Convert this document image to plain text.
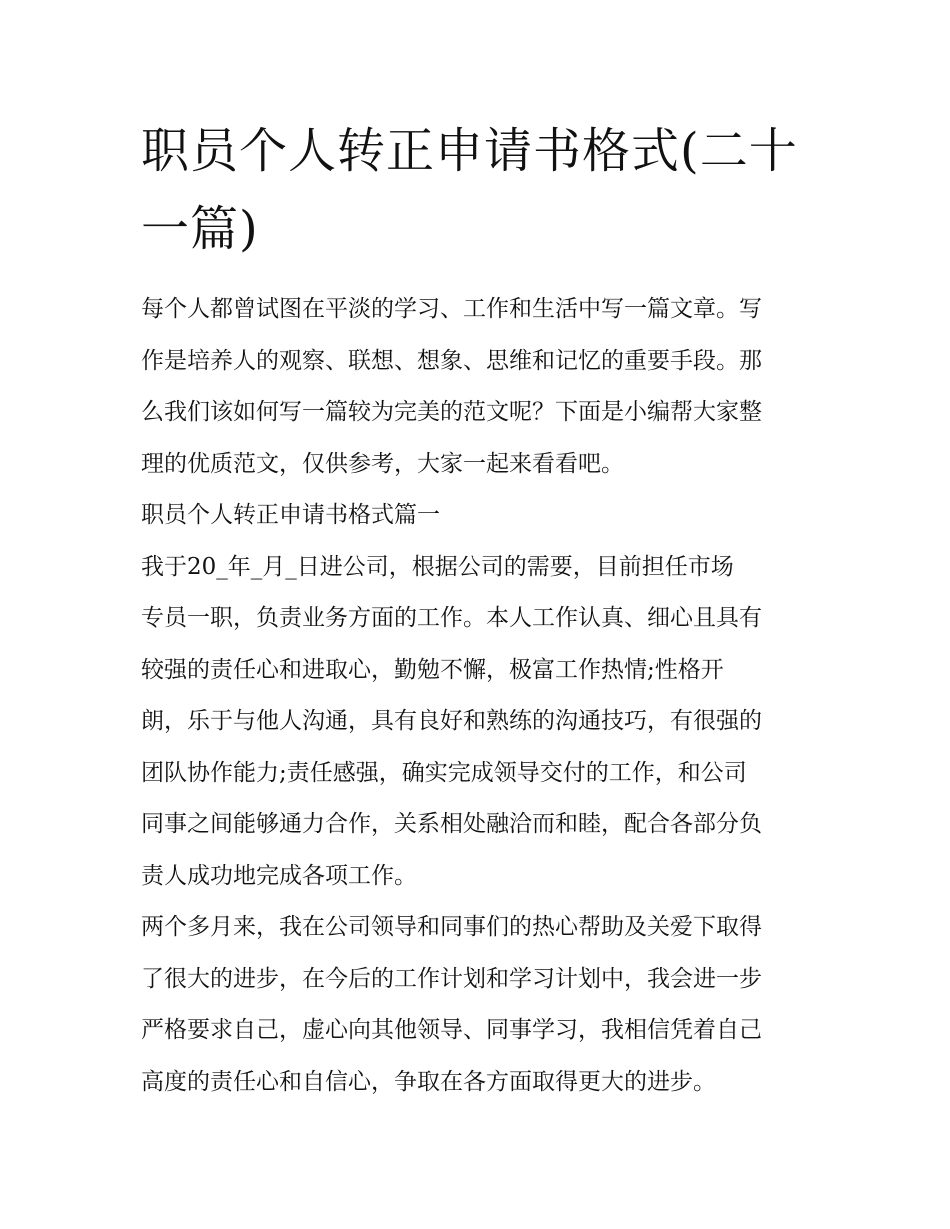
职员个人转正申请书格式(二十
一篇)

每个人都曾试图在平淡的学习、工作和生活中写一篇文章。写
作是培养人的观察、联想、想象、思维和记忆的重要手段。那
么我们该如何写一篇较为完美的范文呢？下面是小编帮大家整
理的优质范文，仅供参考，大家一起来看看吧。

职员个人转正申请书格式篇一

我于20_年_月_日进公司，根据公司的需要，目前担任市场
专员一职，负责业务方面的工作。本人工作认真、细心且具有
较强的责任心和进取心，勤勉不懈，极富工作热情;性格开
朗，乐于与他人沟通，具有良好和熟练的沟通技巧，有很强的
团队协作能力;责任感强，确实完成领导交付的工作，和公司
同事之间能够通力合作，关系相处融洽而和睦，配合各部分负
责人成功地完成各项工作。

两个多月来，我在公司领导和同事们的热心帮助及关爱下取得
了很大的进步，在今后的工作计划和学习计划中，我会进一步
严格要求自己，虚心向其他领导、同事学习，我相信凭着自己
高度的责任心和自信心，争取在各方面取得更大的进步。
